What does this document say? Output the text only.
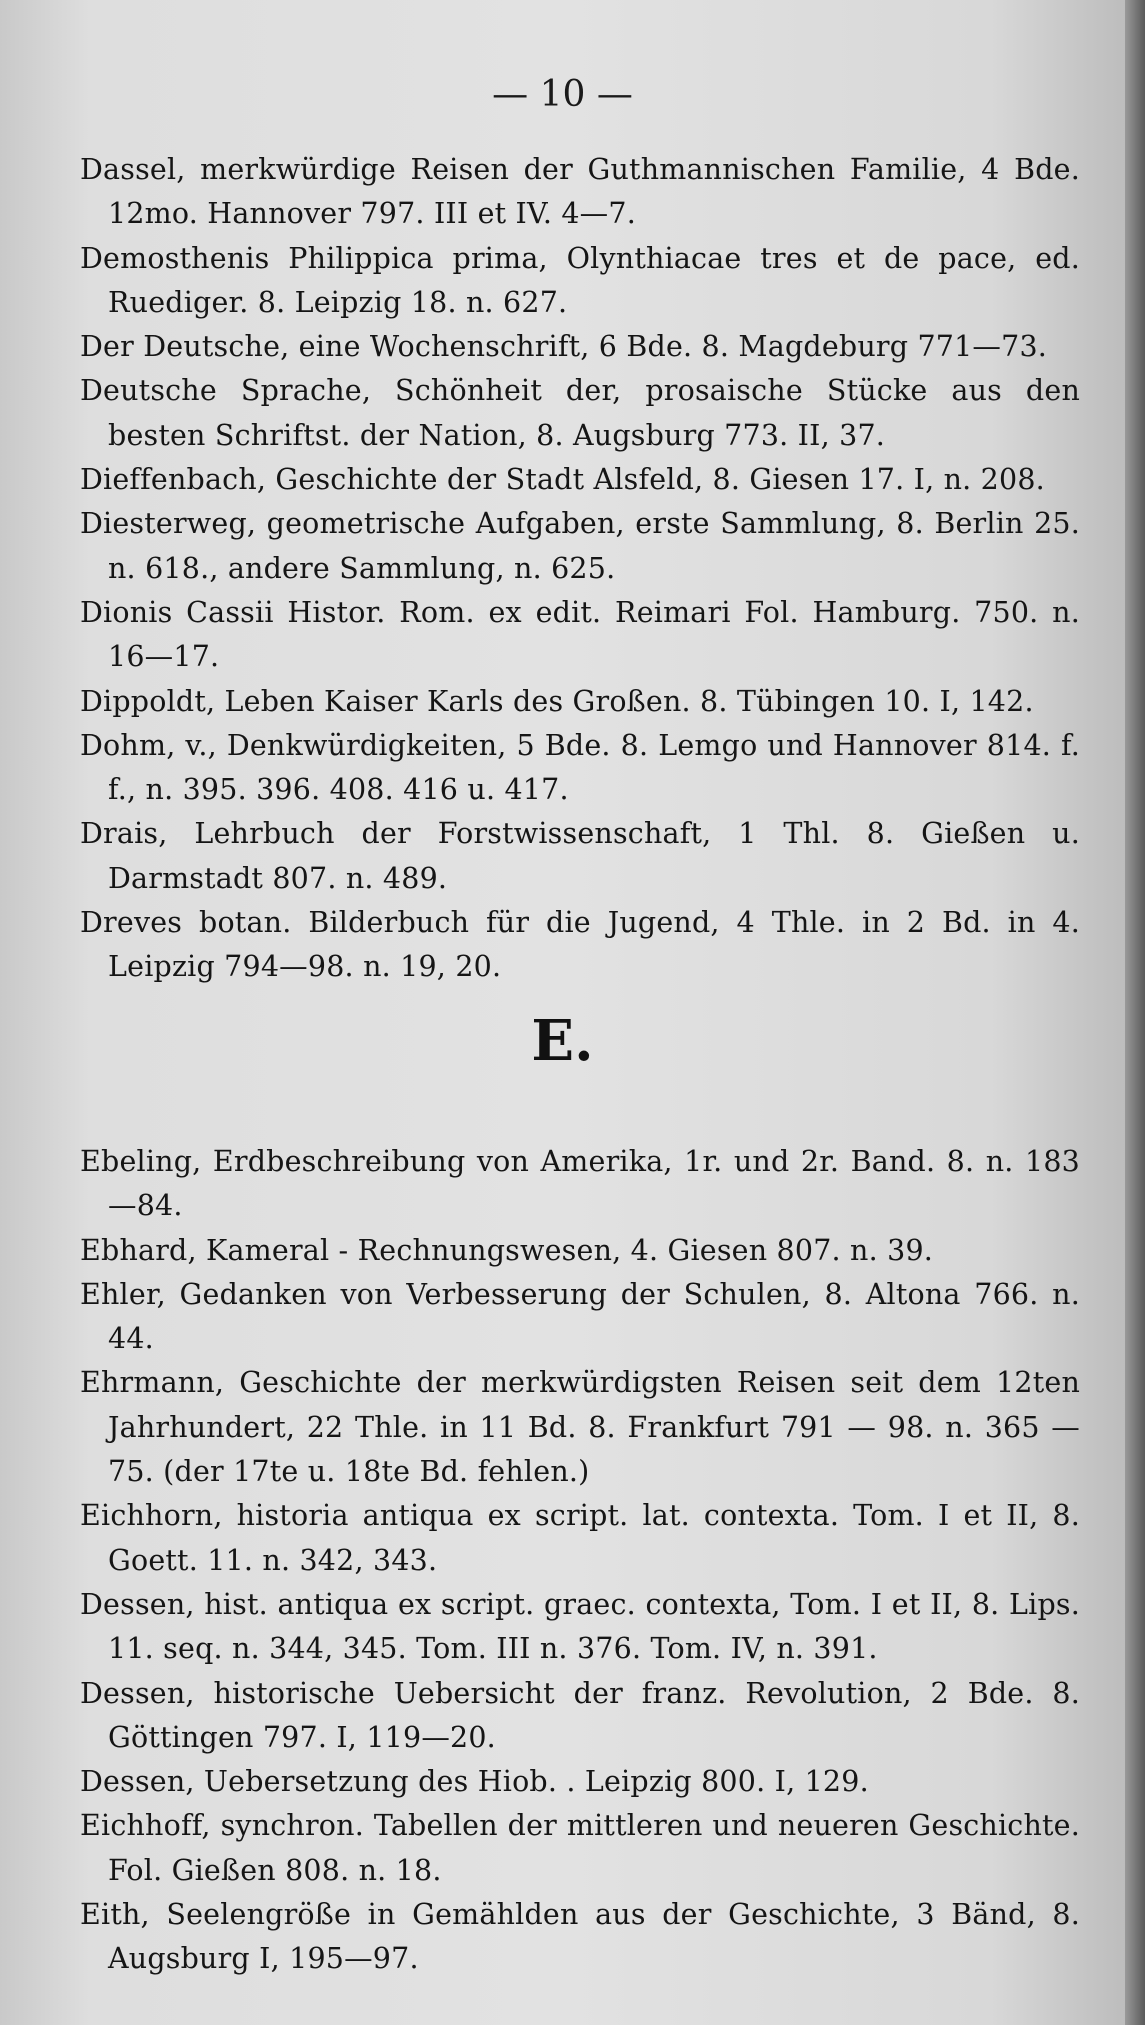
— 10 —
Dassel, merkwürdige Reisen der Guthmannischen Familie, 4 Bde. 12mo. Hannover 797. III et IV. 4—7.
Demosthenis Philippica prima, Olynthiacae tres et de pace, ed. Ruediger. 8. Leipzig 18. n. 627.
Der Deutsche, eine Wochenschrift, 6 Bde. 8. Magdeburg 771—73.
Deutsche Sprache, Schönheit der, prosaische Stücke aus den besten Schriftst. der Nation, 8. Augsburg 773. II, 37.
Dieffenbach, Geschichte der Stadt Alsfeld, 8. Giesen 17. I, n. 208.
Diesterweg, geometrische Aufgaben, erste Sammlung, 8. Berlin 25. n. 618., andere Sammlung, n. 625.
Dionis Cassii Histor. Rom. ex edit. Reimari Fol. Hamburg. 750. n. 16—17.
Dippoldt, Leben Kaiser Karls des Großen. 8. Tübingen 10. I, 142.
Dohm, v., Denkwürdigkeiten, 5 Bde. 8. Lemgo und Hannover 814. f. f., n. 395. 396. 408. 416 u. 417.
Drais, Lehrbuch der Forstwissenschaft, 1 Thl. 8. Gießen u. Darmstadt 807. n. 489.
Dreves botan. Bilderbuch für die Jugend, 4 Thle. in 2 Bd. in 4. Leipzig 794—98. n. 19, 20.
E.
Ebeling, Erdbeschreibung von Amerika, 1r. und 2r. Band. 8. n. 183—84.
Ebhard, Kameral - Rechnungswesen, 4. Giesen 807. n. 39.
Ehler, Gedanken von Verbesserung der Schulen, 8. Altona 766. n. 44.
Ehrmann, Geschichte der merkwürdigsten Reisen seit dem 12ten Jahrhundert, 22 Thle. in 11 Bd. 8. Frankfurt 791 — 98. n. 365 — 75. (der 17te u. 18te Bd. fehlen.)
Eichhorn, historia antiqua ex script. lat. contexta. Tom. I et II, 8. Goett. 11. n. 342, 343.
Dessen, hist. antiqua ex script. graec. contexta, Tom. I et II, 8. Lips. 11. seq. n. 344, 345. Tom. III n. 376. Tom. IV, n. 391.
Dessen, historische Uebersicht der franz. Revolution, 2 Bde. 8. Göttingen 797. I, 119—20.
Dessen, Uebersetzung des Hiob. . Leipzig 800. I, 129.
Eichhoff, synchron. Tabellen der mittleren und neueren Geschichte. Fol. Gießen 808. n. 18.
Eith, Seelengröße in Gemählden aus der Geschichte, 3 Bänd, 8. Augsburg I, 195—97.
